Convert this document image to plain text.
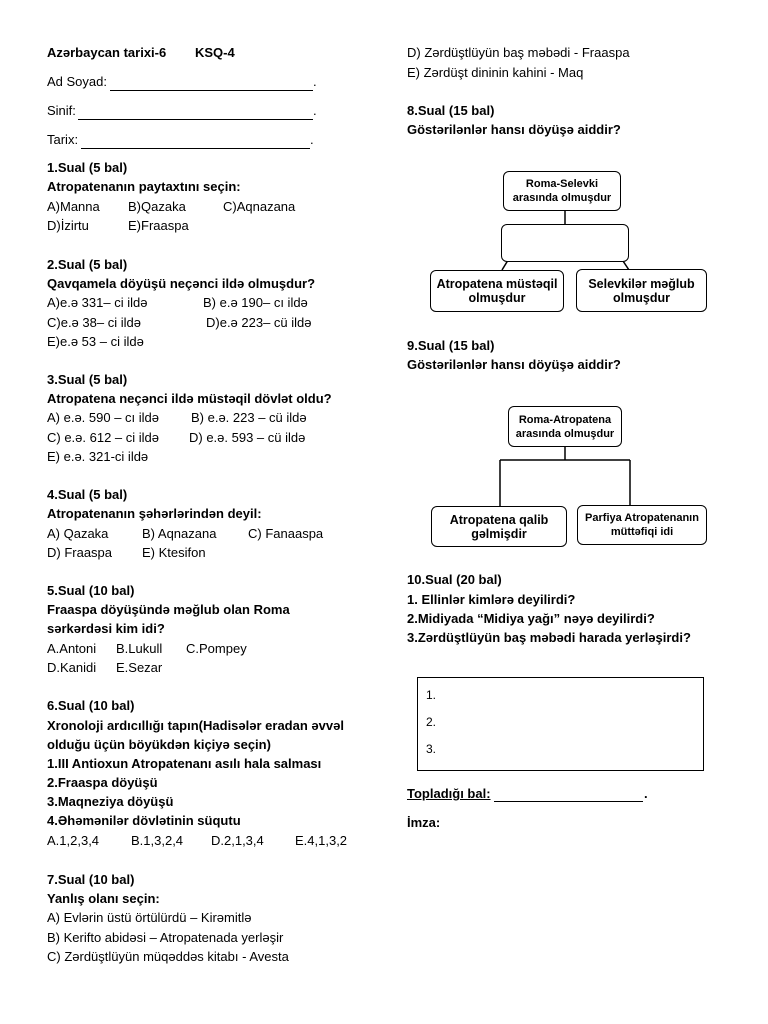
Azərbaycan tarixi-6 KSQ-4
Ad Soyad:	.
Sinif:	.
Tarix:	.
1.Sual (5 bal)
Atropatenanın paytaxtını seçin:
A)Manna B)Qazaka	C)Aqnazana
D)İzirtu	E)Fraaspa
2.Sual (5 bal)
Qavqamela döyüşü neçənci ildə olmuşdur?
A)e.ə 331– ci ildə	B) e.ə 190– cı ildə
C)e.ə 38– ci ildə	D)e.ə 223– cü ildə
E)e.ə 53 – ci ildə
3.Sual (5 bal)
Atropatena neçənci ildə müstəqil dövlət oldu?
A) e.ə. 590 – cı ildə B) e.ə. 223 – cü ildə
C) e.ə. 612 – ci ildə D) e.ə. 593 – cü ildə
E) e.ə. 321-ci ildə
4.Sual (5 bal)
Atropatenanın şəhərlərindən deyil:
A) Qazaka	B) Aqnazana C) Fanaaspa
D) Fraaspa E) Ktesifon
5.Sual (10 bal)
Fraaspa döyüşündə məğlub olan Roma
sərkərdəsi kim idi?
A.Antoni B.Lukull C.Pompey
D.Kanidi E.Sezar
6.Sual (10 bal)
Xronoloji ardıcıllığı tapın(Hadisələr eradan əvvəl
olduğu üçün böyükdən kiçiyə seçin)
1.III Antioxun Atropatenanı asılı hala salması
2.Fraaspa döyüşü
3.Maqneziya döyüşü
4.Əhəmənilər dövlətinin süqutu
A.1,2,3,4 B.1,3,2,4 D.2,1,3,4 E.4,1,3,2
7.Sual (10 bal)
Yanlış olanı seçin:
A) Evlərin üstü örtülürdü – Kirəmitlə
B) Kerifto abidəsi – Atropatenada yerləşir
C) Zərdüştlüyün müqəddəs kitabı - Avesta
D) Zərdüştlüyün baş məbədi - Fraaspa
E) Zərdüşt dininin kahini - Maq
8.Sual (15 bal)
Göstərilənlər hansı döyüşə aiddir?
Roma-Selevki
arasında olmuşdur
Atropatena müstəqil
olmuşdur
Selevkilər məğlub
olmuşdur
9.Sual (15 bal)
Göstərilənlər hansı döyüşə aiddir?
Roma-Atropatena
arasında olmuşdur
Atropatena qalib
gəlmişdir
Parfiya Atropatenanın
müttəfiqi idi
10.Sual (20 bal)
1. Ellinlər kimlərə deyilirdi?
2.Midiyada “Midiya yağı” nəyə deyilirdi?
3.Zərdüştlüyün baş məbədi harada yerləşirdi?
1.
2.
3.
Topladığı bal:	.
İmza:
